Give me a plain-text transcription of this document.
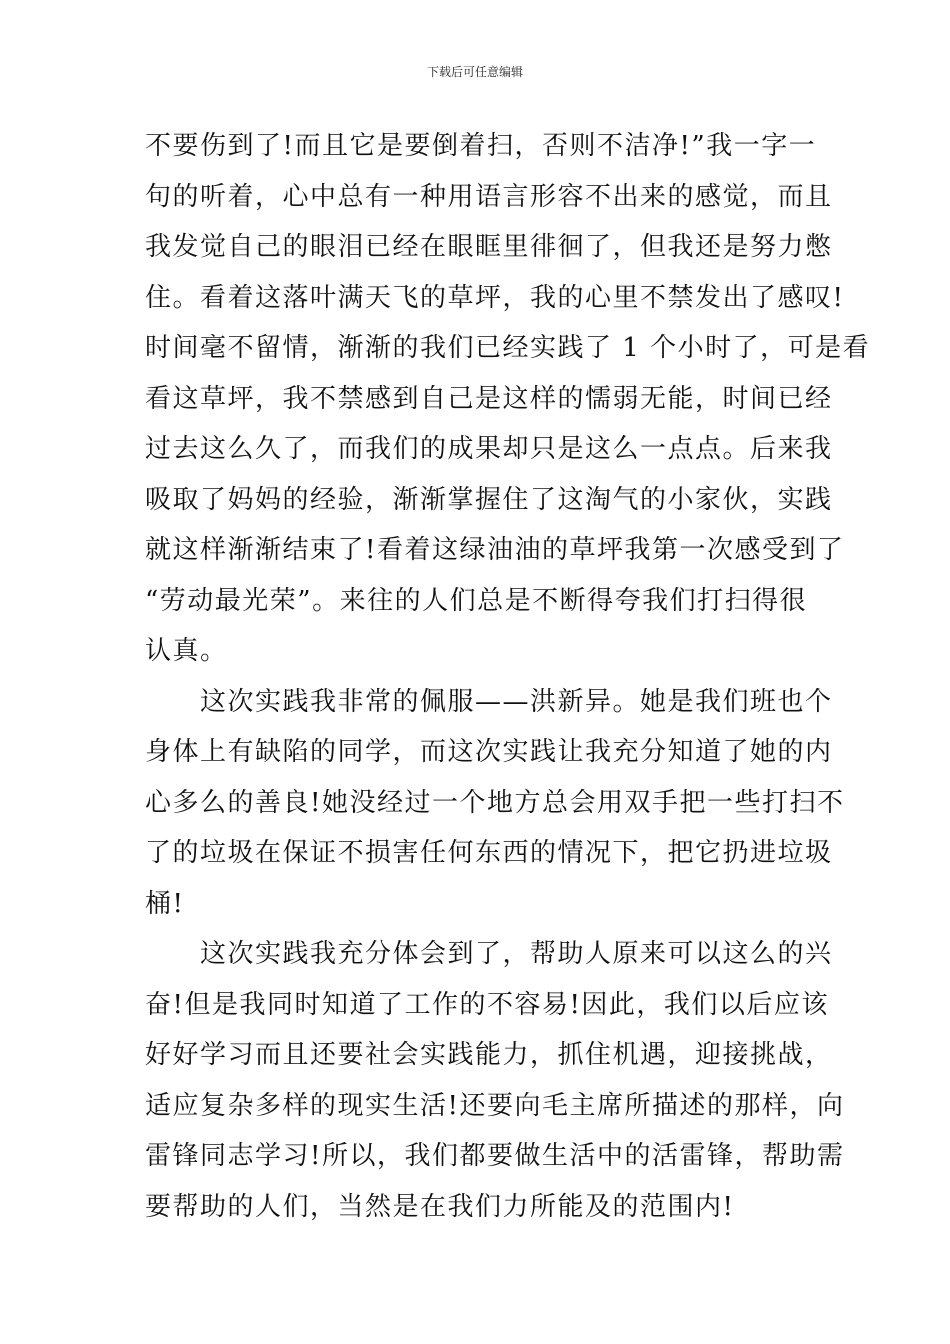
下载后可任意编辑
不要伤到了!而且它是要倒着扫，否则不洁净!”我一字一
句的听着，心中总有一种用语言形容不出来的感觉，而且
我发觉自己的眼泪已经在眼眶里徘徊了，但我还是努力憋
住。看着这落叶满天飞的草坪，我的心里不禁发出了感叹!
时间毫不留情，渐渐的我们已经实践了 1 个小时了，可是看
看这草坪，我不禁感到自己是这样的懦弱无能，时间已经
过去这么久了，而我们的成果却只是这么一点点。后来我
吸取了妈妈的经验，渐渐掌握住了这淘气的小家伙，实践
就这样渐渐结束了!看着这绿油油的草坪我第一次感受到了
“劳动最光荣”。来往的人们总是不断得夸我们打扫得很
认真。
　　这次实践我非常的佩服——洪新异。她是我们班也个
身体上有缺陷的同学，而这次实践让我充分知道了她的内
心多么的善良!她没经过一个地方总会用双手把一些打扫不
了的垃圾在保证不损害任何东西的情况下，把它扔进垃圾
桶!
　　这次实践我充分体会到了，帮助人原来可以这么的兴
奋!但是我同时知道了工作的不容易!因此，我们以后应该
好好学习而且还要社会实践能力，抓住机遇，迎接挑战，
适应复杂多样的现实生活!还要向毛主席所描述的那样，向
雷锋同志学习!所以，我们都要做生活中的活雷锋，帮助需
要帮助的人们，当然是在我们力所能及的范围内!
